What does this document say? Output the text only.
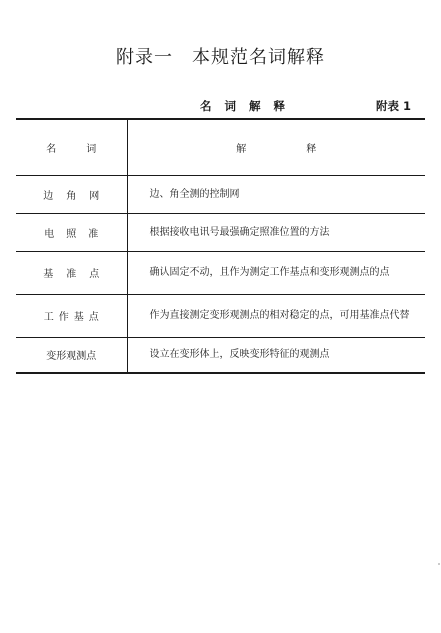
附录一　本规范名词解释
名词解释	附表 1
名词	解释
边角网	边、角全测的控制网
电照准	根据接收电讯号最强确定照准位置的方法
基准点	确认固定不动，且作为测定工作基点和变形观测点的点
工作基点	作为直接测定变形观测点的相对稳定的点，可用基准点代替
变形观测点	设立在变形体上，反映变形特征的观测点
